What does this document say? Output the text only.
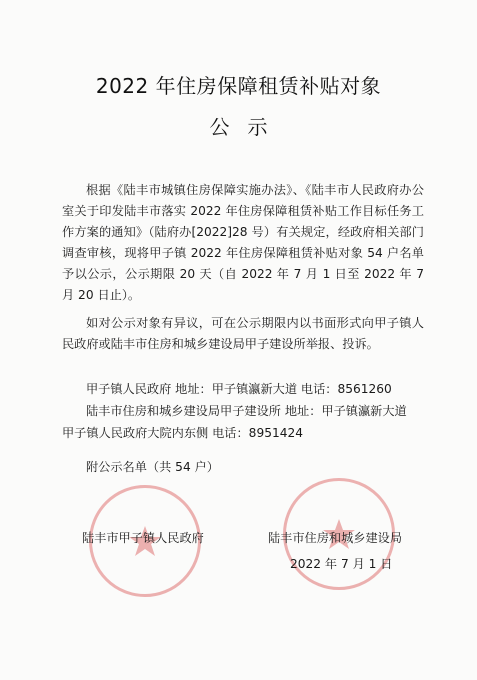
2022 年住房保障租赁补贴对象
公示

根据《陆丰市城镇住房保障实施办法》、《陆丰市人民政府办公室关于印发陆丰市落实 2022 年住房保障租赁补贴工作目标任务工作方案的通知》（陆府办[2022]28 号）有关规定，经政府相关部门调查审核，现将甲子镇 2022 年住房保障租赁补贴对象 54 户名单予以公示，公示期限 20 天（自 2022 年 7 月 1 日至 2022 年 7 月 20 日止）。

如对公示对象有异议，可在公示期限内以书面形式向甲子镇人民政府或陆丰市住房和城乡建设局甲子建设所举报、投诉。

甲子镇人民政府 地址：甲子镇瀛新大道 电话：8561260

陆丰市住房和城乡建设局甲子建设所 地址：甲子镇瀛新大道

甲子镇人民政府大院内东侧 电话：8951424

附公示名单（共 54 户）
陆丰市甲子镇人民政府	陆丰市住房和城乡建设局
2022 年 7 月 1 日
